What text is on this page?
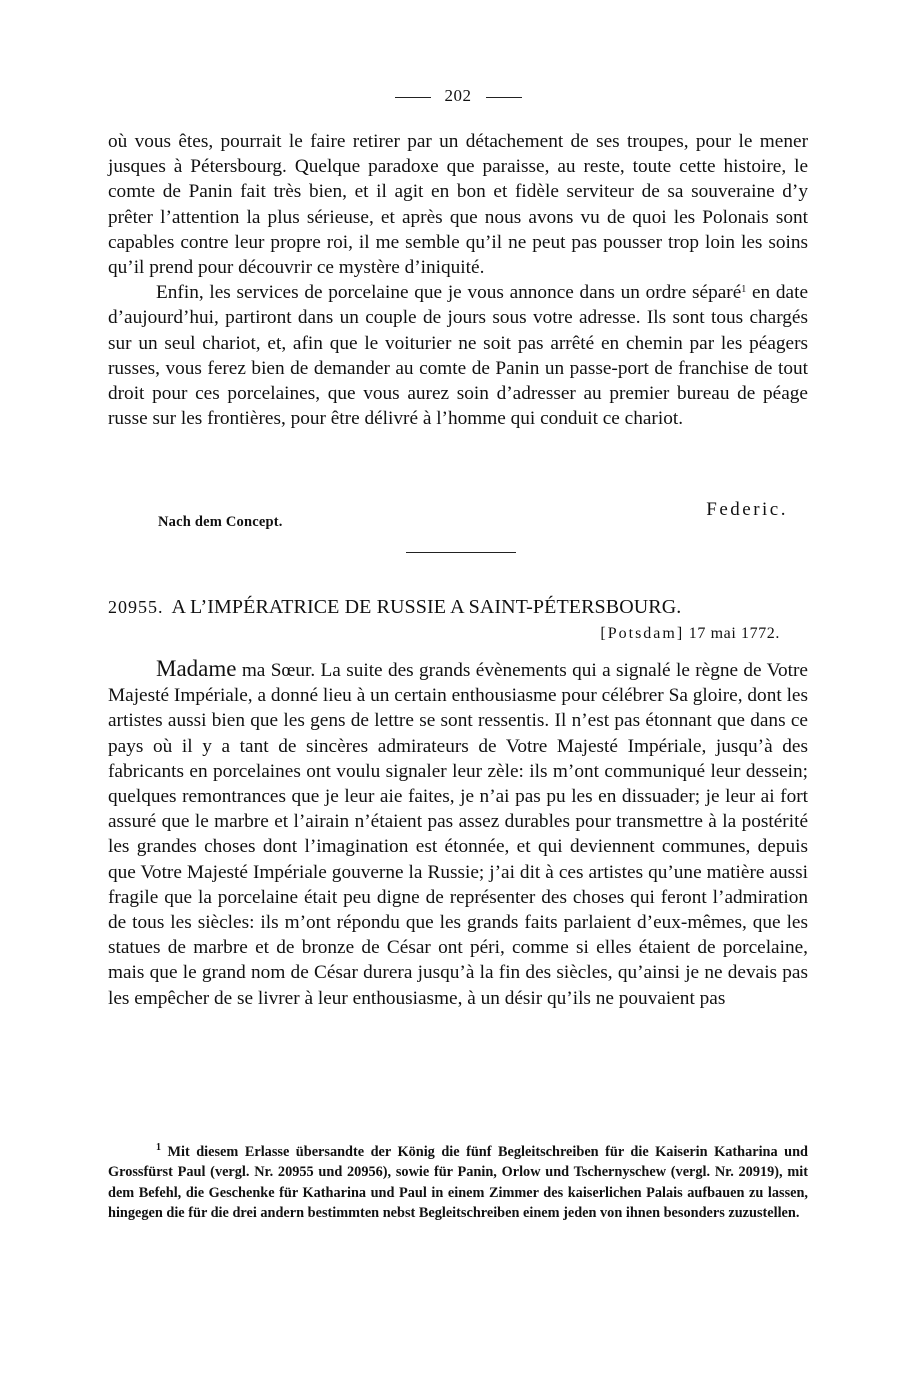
202

où vous êtes, pourrait le faire retirer par un détachement de ses troupes, pour le mener jusques à Pétersbourg. Quelque paradoxe que paraisse, au reste, toute cette histoire, le comte de Panin fait très bien, et il agit en bon et fidèle serviteur de sa souveraine d’y prêter l’attention la plus sérieuse, et après que nous avons vu de quoi les Polonais sont capables contre leur propre roi, il me semble qu’il ne peut pas pousser trop loin les soins qu’il prend pour découvrir ce mystère d’iniquité.

Enfin, les services de porcelaine que je vous annonce dans un ordre séparé$^1$ en date d’aujourd’hui, partiront dans un couple de jours sous votre adresse. Ils sont tous chargés sur un seul chariot, et, afin que le voiturier ne soit pas arrêté en chemin par les péagers russes, vous ferez bien de demander au comte de Panin un passe-port de franchise de tout droit pour ces porcelaines, que vous aurez soin d’adresser au premier bureau de péage russe sur les frontières, pour être délivré à l’homme qui conduit ce chariot.

Federic.
Nach dem Concept.
20955. A L’IMPÉRATRICE DE RUSSIE A SAINT-PÉTERSBOURG.
[Potsdam] 17 mai 1772.

Madame ma Sœur. La suite des grands évènements qui a signalé le règne de Votre Majesté Impériale, a donné lieu à un certain enthousiasme pour célébrer Sa gloire, dont les artistes aussi bien que les gens de lettre se sont ressentis. Il n’est pas étonnant que dans ce pays où il y a tant de sincères admirateurs de Votre Majesté Impériale, jusqu’à des fabricants en porcelaines ont voulu signaler leur zèle: ils m’ont communiqué leur dessein; quelques remontrances que je leur aie faites, je n’ai pas pu les en dissuader; je leur ai fort assuré que le marbre et l’airain n’étaient pas assez durables pour transmettre à la postérité les grandes choses dont l’imagination est étonnée, et qui deviennent communes, depuis que Votre Majesté Impériale gouverne la Russie; j’ai dit à ces artistes qu’une matière aussi fragile que la porcelaine était peu digne de représenter des choses qui feront l’admiration de tous les siècles: ils m’ont répondu que les grands faits parlaient d’eux-mêmes, que les statues de marbre et de bronze de César ont péri, comme si elles étaient de porcelaine, mais que le grand nom de César durera jusqu’à la fin des siècles, qu’ainsi je ne devais pas les empêcher de se livrer à leur enthousiasme, à un désir qu’ils ne pouvaient pas

$^1$ Mit diesem Erlasse übersandte der König die fünf Begleitschreiben für die Kaiserin Katharina und Grossfürst Paul (vergl. Nr. 20955 und 20956), sowie für Panin, Orlow und Tschernyschew (vergl. Nr. 20919), mit dem Befehl, die Geschenke für Katharina und Paul in einem Zimmer des kaiserlichen Palais aufbauen zu lassen, hingegen die für die drei andern bestimmten nebst Begleitschreiben einem jeden von ihnen besonders zuzustellen.
